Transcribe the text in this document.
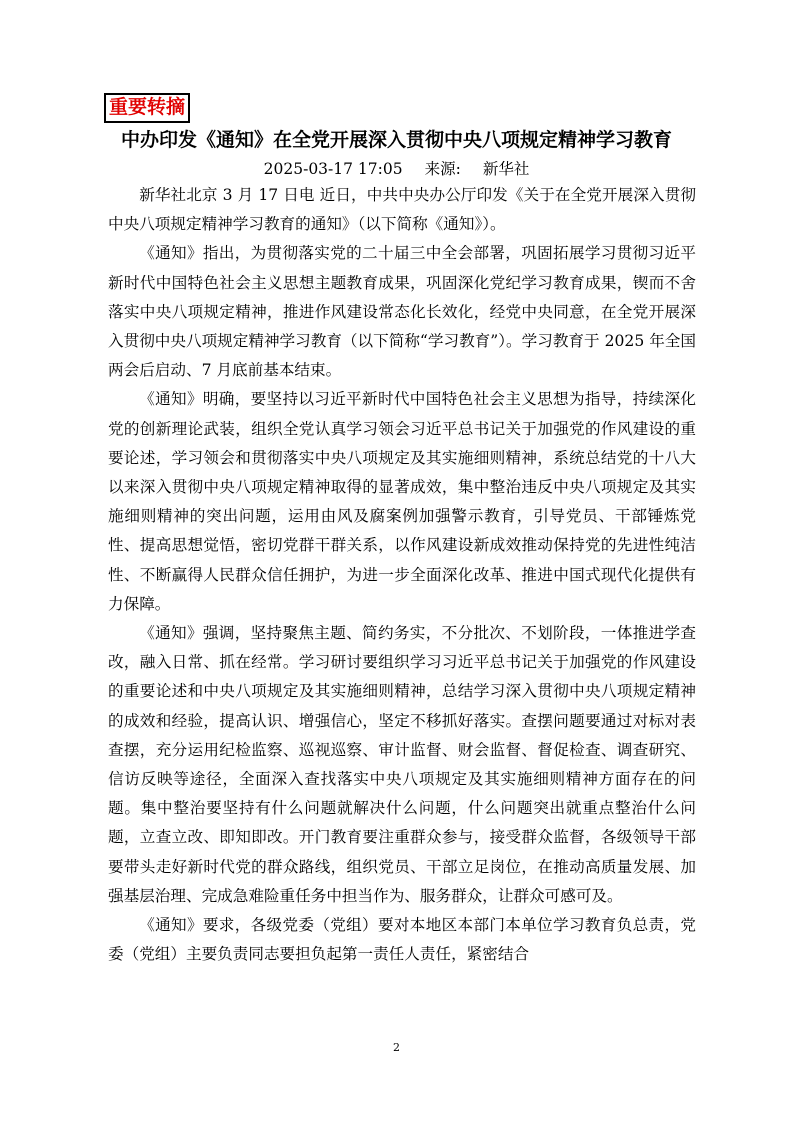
重要转摘
中办印发《通知》在全党开展深入贯彻中央八项规定精神学习教育
2025-03-17 17:05 来源: 新华社

新华社北京 3 月 17 日电 近日，中共中央办公厅印发《关于在全党开展深入贯彻中央八项规定精神学习教育的通知》（以下简称《通知》）。

《通知》指出，为贯彻落实党的二十届三中全会部署，巩固拓展学习贯彻习近平新时代中国特色社会主义思想主题教育成果，巩固深化党纪学习教育成果，锲而不舍落实中央八项规定精神，推进作风建设常态化长效化，经党中央同意，在全党开展深入贯彻中央八项规定精神学习教育（以下简称“学习教育”）。学习教育于 2025 年全国两会后启动、7 月底前基本结束。

《通知》明确，要坚持以习近平新时代中国特色社会主义思想为指导，持续深化党的创新理论武装，组织全党认真学习领会习近平总书记关于加强党的作风建设的重要论述，学习领会和贯彻落实中央八项规定及其实施细则精神，系统总结党的十八大以来深入贯彻中央八项规定精神取得的显著成效，集中整治违反中央八项规定及其实施细则精神的突出问题，运用由风及腐案例加强警示教育，引导党员、干部锤炼党性、提高思想觉悟，密切党群干群关系，以作风建设新成效推动保持党的先进性纯洁性、不断赢得人民群众信任拥护，为进一步全面深化改革、推进中国式现代化提供有力保障。

《通知》强调，坚持聚焦主题、简约务实，不分批次、不划阶段，一体推进学查改，融入日常、抓在经常。学习研讨要组织学习习近平总书记关于加强党的作风建设的重要论述和中央八项规定及其实施细则精神，总结学习深入贯彻中央八项规定精神的成效和经验，提高认识、增强信心，坚定不移抓好落实。查摆问题要通过对标对表查摆，充分运用纪检监察、巡视巡察、审计监督、财会监督、督促检查、调查研究、信访反映等途径，全面深入查找落实中央八项规定及其实施细则精神方面存在的问题。集中整治要坚持有什么问题就解决什么问题，什么问题突出就重点整治什么问题，立查立改、即知即改。开门教育要注重群众参与，接受群众监督，各级领导干部要带头走好新时代党的群众路线，组织党员、干部立足岗位，在推动高质量发展、加强基层治理、完成急难险重任务中担当作为、服务群众，让群众可感可及。

《通知》要求，各级党委（党组）要对本地区本部门本单位学习教育负总责，党委（党组）主要负责同志要担负起第一责任人责任，紧密结合

2
